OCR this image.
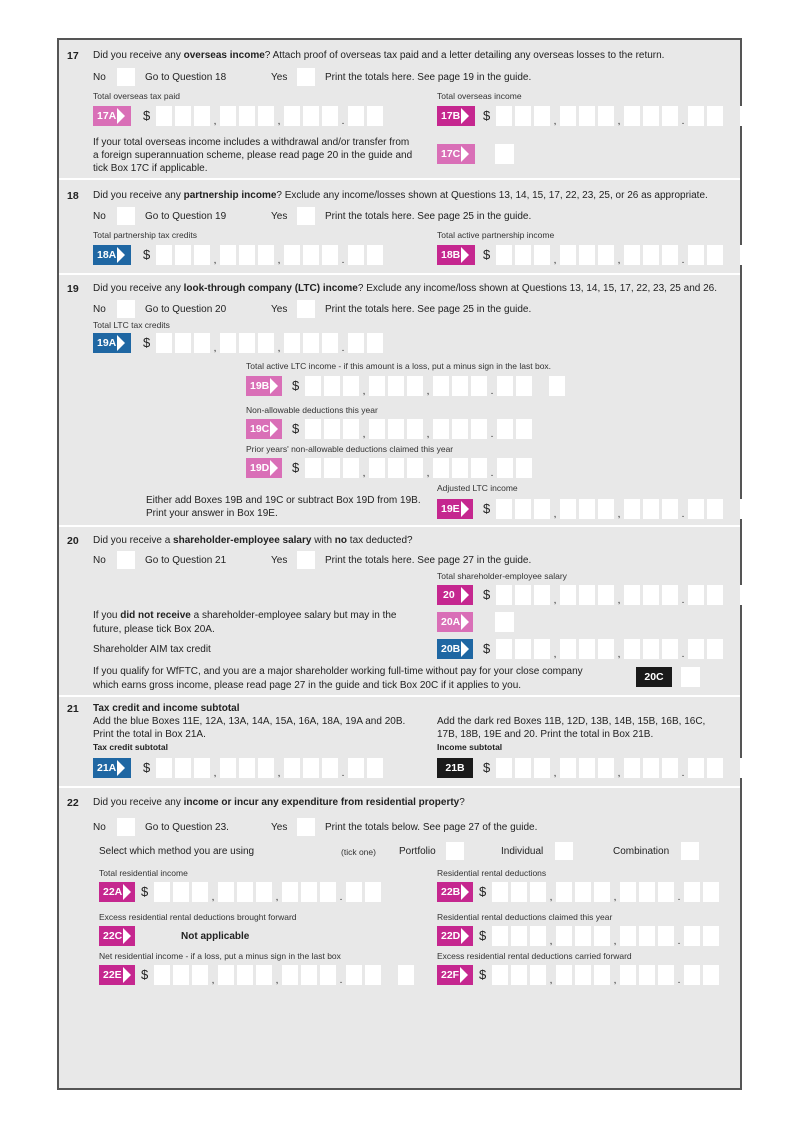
17 Did you receive any overseas income? Attach proof of overseas tax paid and a letter detailing any overseas losses to the return.
No	Go to Question 18	Yes	Print the totals here. See page 19 in the guide.
Total overseas tax paid
17A $	,	,	.
Total overseas income
17B $	,	,	.
If your total overseas income includes a withdrawal and/or transfer from a foreign superannuation scheme, please read page 20 in the guide and tick Box 17C if applicable.
17C
18 Did you receive any partnership income? Exclude any income/losses shown at Questions 13, 14, 15, 17, 22, 23, 25, or 26 as appropriate.
No	Go to Question 19	Yes	Print the totals here. See page 25 in the guide.
Total partnership tax credits
18A $	,	,	.
Total active partnership income
18B $	,	,	.
19 Did you receive any look-through company (LTC) income? Exclude any income/loss shown at Questions 13, 14, 15, 17, 22, 23, 25 and 26.
No	Go to Question 20	Yes	Print the totals here. See page 25 in the guide.
Total LTC tax credits
19A $	,	,	.
Total active LTC income - if this amount is a loss, put a minus sign in the last box.
19B $	,	,	.
Non-allowable deductions this year
19C $	,	,	.
Prior years' non-allowable deductions claimed this year
19D $	,	,	.
Adjusted LTC income
Either add Boxes 19B and 19C or subtract Box 19D from 19B.
Print your answer in Box 19E.	19E $	,	,	.
20 Did you receive a shareholder-employee salary with no tax deducted?
No	Go to Question 21	Yes	Print the totals here. See page 27 in the guide.
Total shareholder-employee salary
20 $	,	,	.
If you did not receive a shareholder-employee salary but may in the
future, please tick Box 20A.
20A
Shareholder AIM tax credit	20B $	,	,	.
If you qualify for WfFTC, and you are a major shareholder working full-time without pay for your close company
which earns gross income, please read page 27 in the guide and tick Box 20C if it applies to you.
20C
21 Tax credit and income subtotal
Add the blue Boxes 11E, 12A, 13A, 14A, 15A, 16A, 18A, 19A and 20B.
Print the total in Box 21A.
Tax credit subtotal
Add the dark red Boxes 11B, 12D, 13B, 14B, 15B, 16B, 16C,
17B, 18B, 19E and 20. Print the total in Box 21B.
Income subtotal
21A $	,	,	.	21B	$	,	,	.
22 Did you receive any income or incur any expenditure from residential property?
No	Go to Question 23.	Yes	Print the totals below. See page 27 of the guide.
Select which method you are using	(tick one) Portfolio	Individual	Combination
Total residential income
22A $	,	,	.
Residential rental deductions
22B $	,	,	.
Excess residential rental deductions brought forward
22C	Not applicable
Residential rental deductions claimed this year
22D $	,	,	.
Net residential income - if a loss, put a minus sign in the last box
22E $	,	,	.
Excess residential rental deductions carried forward
22F $	,	,	.
